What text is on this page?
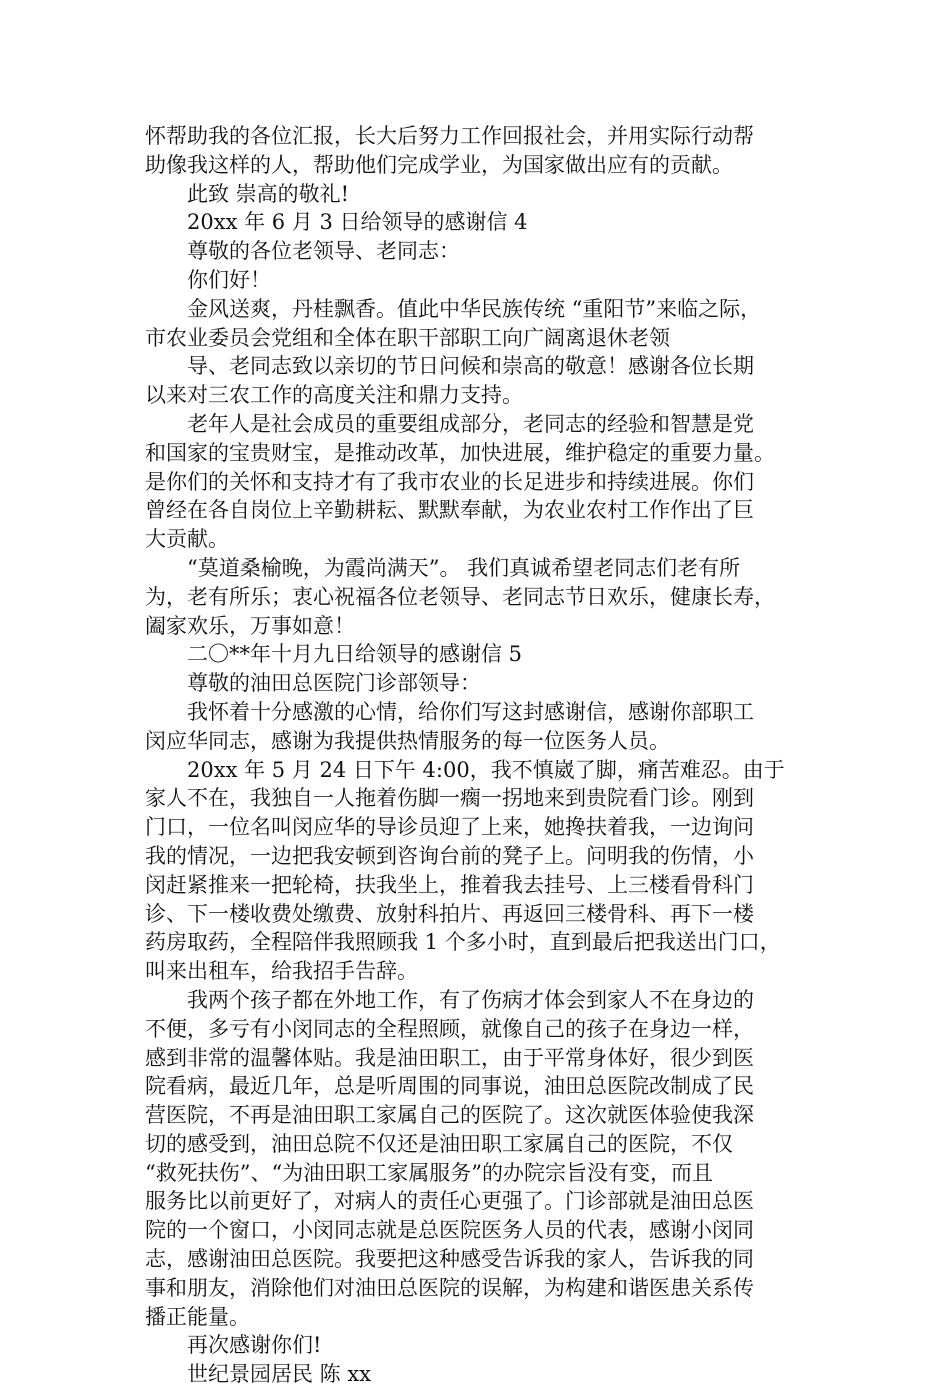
怀帮助我的各位汇报，长大后努力工作回报社会，并用实际行动帮
助像我这样的人，帮助他们完成学业，为国家做出应有的贡献。
此致 崇高的敬礼!
20xx 年 6 月 3 日给领导的感谢信 4
尊敬的各位老领导、老同志：
你们好！
金风送爽，丹桂飘香。值此中华民族传统 “重阳节”来临之际，
市农业委员会党组和全体在职干部职工向广阔离退休老领
导、老同志致以亲切的节日问候和崇高的敬意！感谢各位长期
以来对三农工作的高度关注和鼎力支持。
老年人是社会成员的重要组成部分，老同志的经验和智慧是党
和国家的宝贵财宝，是推动改革，加快进展，维护稳定的重要力量。
是你们的关怀和支持才有了我市农业的长足进步和持续进展。你们
曾经在各自岗位上辛勤耕耘、默默奉献，为农业农村工作作出了巨
大贡献。
“莫道桑榆晚，为霞尚满天”。 我们真诚希望老同志们老有所
为，老有所乐；衷心祝福各位老领导、老同志节日欢乐，健康长寿，
阖家欢乐，万事如意！
二〇**年十月九日给领导的感谢信 5
尊敬的油田总医院门诊部领导：
我怀着十分感激的心情，给你们写这封感谢信，感谢你部职工
闵应华同志，感谢为我提供热情服务的每一位医务人员。
20xx 年 5 月 24 日下午 4:00，我不慎崴了脚，痛苦难忍。由于
家人不在，我独自一人拖着伤脚一瘸一拐地来到贵院看门诊。刚到
门口，一位名叫闵应华的导诊员迎了上来，她搀扶着我，一边询问
我的情况，一边把我安顿到咨询台前的凳子上。问明我的伤情，小
闵赶紧推来一把轮椅，扶我坐上，推着我去挂号、上三楼看骨科门
诊、下一楼收费处缴费、放射科拍片、再返回三楼骨科、再下一楼
药房取药，全程陪伴我照顾我 1 个多小时，直到最后把我送出门口，
叫来出租车，给我招手告辞。
我两个孩子都在外地工作，有了伤病才体会到家人不在身边的
不便，多亏有小闵同志的全程照顾，就像自己的孩子在身边一样，
感到非常的温馨体贴。我是油田职工，由于平常身体好，很少到医
院看病，最近几年，总是听周围的同事说，油田总医院改制成了民
营医院，不再是油田职工家属自己的医院了。这次就医体验使我深
切的感受到，油田总院不仅还是油田职工家属自己的医院，不仅
“救死扶伤”、“为油田职工家属服务”的办院宗旨没有变，而且
服务比以前更好了，对病人的责任心更强了。门诊部就是油田总医
院的一个窗口，小闵同志就是总医院医务人员的代表，感谢小闵同
志，感谢油田总医院。我要把这种感受告诉我的家人，告诉我的同
事和朋友，消除他们对油田总医院的误解，为构建和谐医患关系传
播正能量。
再次感谢你们!
世纪景园居民 陈 xx
